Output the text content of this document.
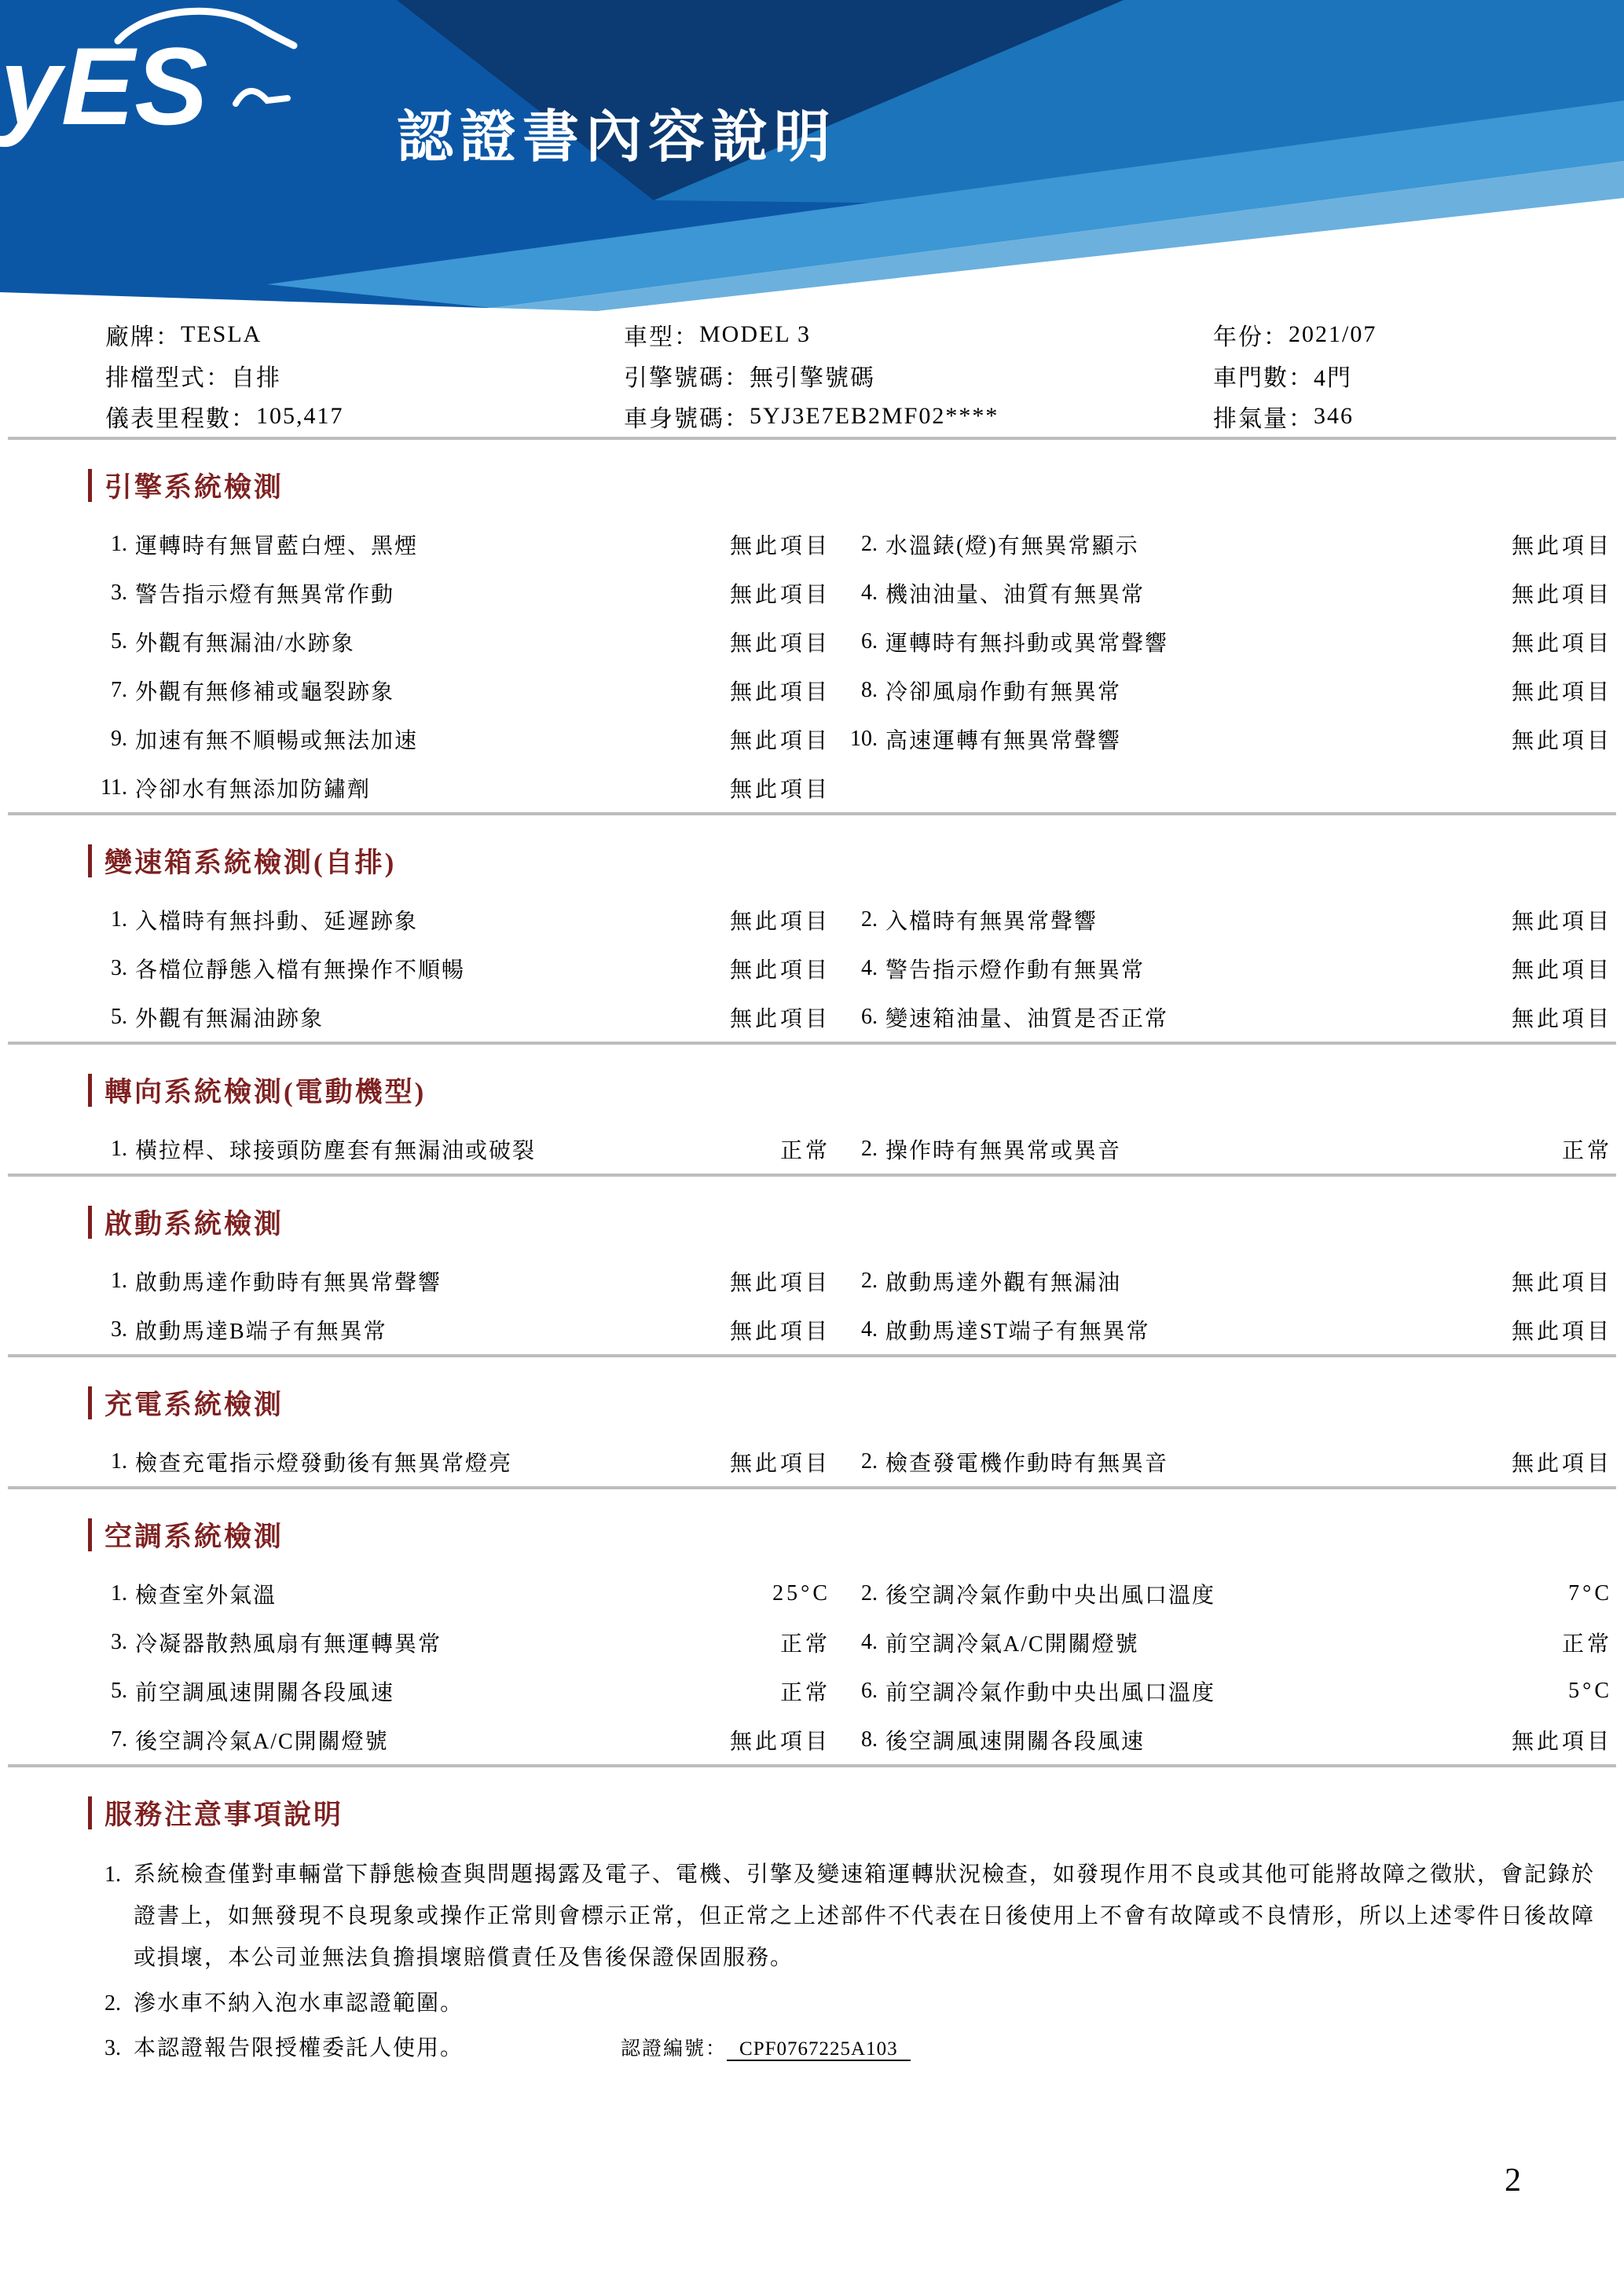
yES	認證書內容說明
廠牌： TESLA	車型： MODEL 3	年份： 2021/07
排檔型式： 自排	引擎號碼： 無引擎號碼	車門數： 4門
儀表里程數： 105,417	車身號碼： 5YJ3E7EB2MF02****	排氣量： 346
引擎系統檢測
1. 運轉時有無冒藍白煙、黑煙	無此項目	2. 水溫錶(燈)有無異常顯示	無此項目
3. 警告指示燈有無異常作動	無此項目	4. 機油油量、油質有無異常	無此項目
5. 外觀有無漏油/水跡象	無此項目	6. 運轉時有無抖動或異常聲響	無此項目
7. 外觀有無修補或龜裂跡象	無此項目	8. 冷卻風扇作動有無異常	無此項目
9. 加速有無不順暢或無法加速	無此項目 10. 高速運轉有無異常聲響	無此項目
11. 冷卻水有無添加防鏽劑	無此項目
變速箱系統檢測(自排)
1. 入檔時有無抖動、延遲跡象	無此項目	2. 入檔時有無異常聲響	無此項目
3. 各檔位靜態入檔有無操作不順暢	無此項目	4. 警告指示燈作動有無異常	無此項目
5. 外觀有無漏油跡象	無此項目	6. 變速箱油量、油質是否正常	無此項目
轉向系統檢測(電動機型)
1. 橫拉桿、球接頭防塵套有無漏油或破裂	正常	2. 操作時有無異常或異音	正常
啟動系統檢測
1. 啟動馬達作動時有無異常聲響	無此項目	2. 啟動馬達外觀有無漏油	無此項目
3. 啟動馬達B端子有無異常	無此項目	4. 啟動馬達ST端子有無異常	無此項目
充電系統檢測
1. 檢查充電指示燈發動後有無異常燈亮	無此項目	2. 檢查發電機作動時有無異音	無此項目
空調系統檢測
1. 檢查室外氣溫	25°C	2. 後空調冷氣作動中央出風口溫度	7°C
3. 冷凝器散熱風扇有無運轉異常	正常	4. 前空調冷氣A/C開關燈號	正常
5. 前空調風速開關各段風速	正常	6. 前空調冷氣作動中央出風口溫度	5°C
7. 後空調冷氣A/C開關燈號	無此項目	8. 後空調風速開關各段風速	無此項目
服務注意事項說明
1. 系統檢查僅對車輛當下靜態檢查與問題揭露及電子、電機、引擎及變速箱運轉狀況檢查，如發現作用不良或其他可能將故障之徵狀，會記錄於證書上，如無發現不良現象或操作正常則會標示正常，但正常之上述部件不代表在日後使用上不會有故障或不良情形，所以上述零件日後故障或損壞，本公司並無法負擔損壞賠償責任及售後保證保固服務。
2. 滲水車不納入泡水車認證範圍。
3. 本認證報告限授權委託人使用。	認證編號： CPF0767225A103
2
